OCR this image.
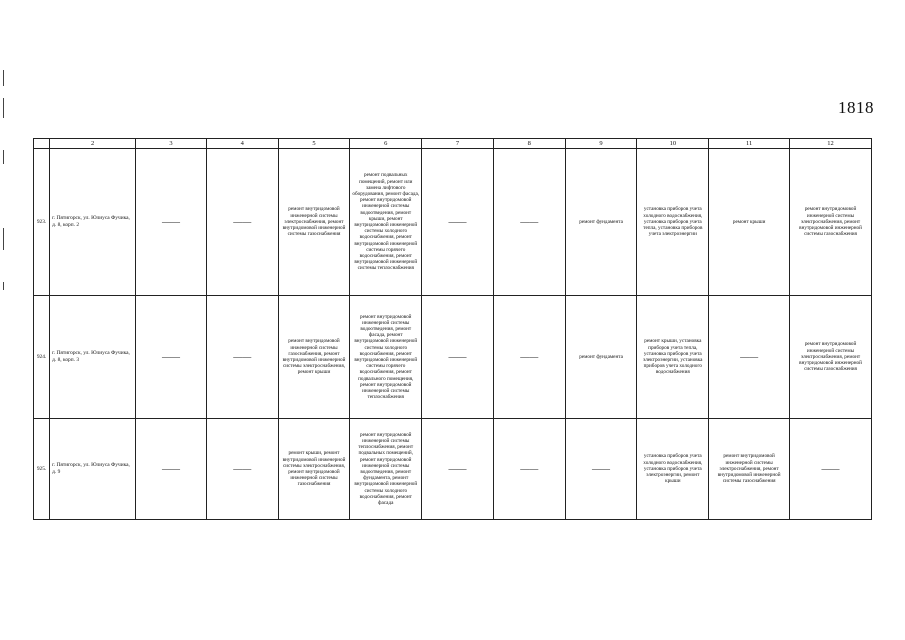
1818
	2	3	4	5	6	7	8	9	10	11	12
923.	г. Пятигорск, ул. Юлиуса Фучика, д. 8, корп. 2	——	——	ремонт внутридомовой инженерной системы электроснабжения, ремонт внутридомовой инженерной системы газоснабжения	ремонт подвальных помещений, ремонт или замена лифтового оборудования, ремонт фасада, ремонт внутридомовой инженерной системы водоотведения, ремонт крыши, ремонт внутридомовой инженерной системы холодного водоснабжения, ремонт внутридомовой инженерной системы горячего водоснабжения, ремонт внутридомовой инженерной системы теплоснабжения	——	——	ремонт фундамента	установка приборов учета холодного водоснабжения, установка приборов учета тепла, установка приборов учета электроэнергии	ремонт крыши	ремонт внутридомовой инженерной системы электроснабжения, ремонт внутридомовой инженерной системы газоснабжения
924.	г. Пятигорск, ул. Юлиуса Фучика, д. 8, корп. 3	——	——	ремонт внутридомовой инженерной системы газоснабжения, ремонт внутридомовой инженерной системы электроснабжения, ремонт крыши	ремонт внутридомовой инженерной системы водоотведения, ремонт фасада, ремонт внутридомовой инженерной системы холодного водоснабжения, ремонт внутридомовой инженерной системы горячего водоснабжения, ремонт подвального помещения, ремонт внутридомовой инженерной системы теплоснабжения	——	——	ремонт фундамента	ремонт крыши, установка приборов учета тепла, установка приборов учета электроэнергии, установка приборов учета холодного водоснабжения	——	ремонт внутридомовой инженерной системы электроснабжения, ремонт внутридомовой инженерной системы газоснабжения
925.	г. Пятигорск, ул. Юлиуса Фучика, д. 9	——	——	ремонт крыши, ремонт внутридомовой инженерной системы электроснабжения, ремонт внутридомовой инженерной системы газоснабжения	ремонт внутридомовой инженерной системы теплоснабжения, ремонт подвальных помещений, ремонт внутридомовой инженерной системы водоотведения, ремонт фундамента, ремонт внутридомовой инженерной системы холодного водоснабжения, ремонт фасада	——	——	——	установка приборов учета холодного водоснабжения, установка приборов учета электроэнергии, ремонт крыши	ремонт внутридомовой инженерной системы электроснабжения, ремонт внутридомовой инженерной системы газоснабжения	——
